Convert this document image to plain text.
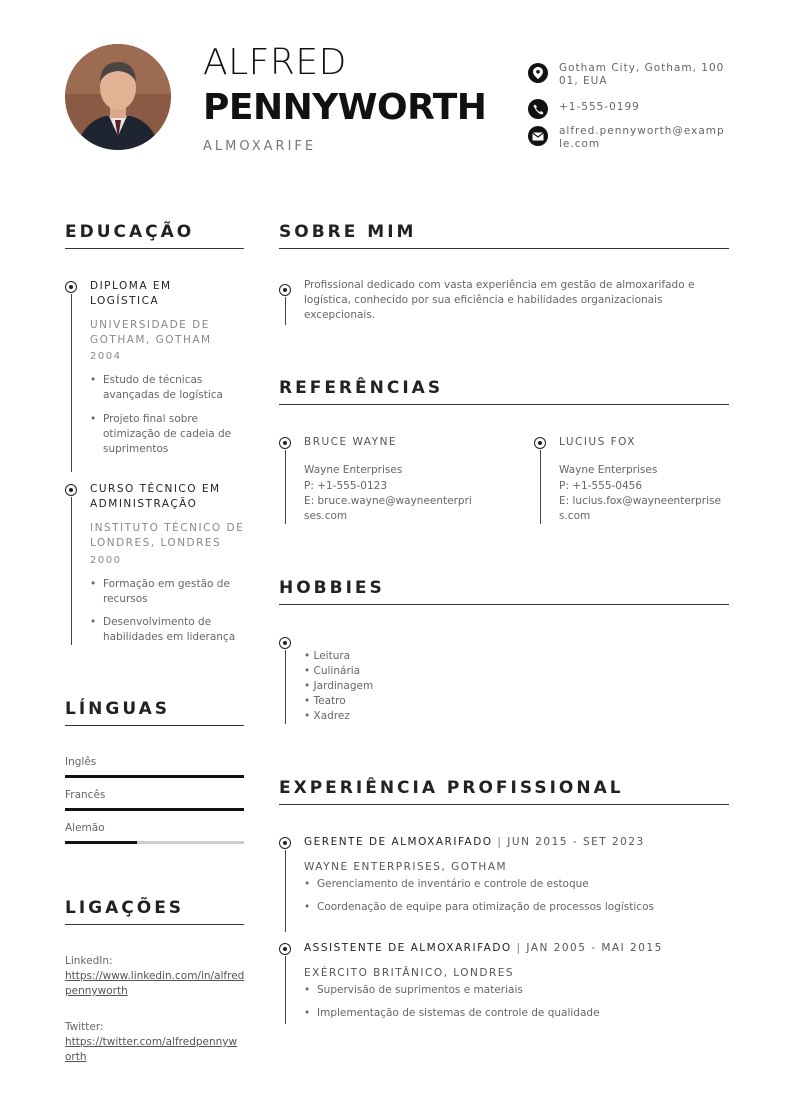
ALFRED
PENNYWORTH
ALMOXARIFE
Gotham City, Gotham, 10001, EUA
+1-555-0199
alfred.pennyworth@example.com
EDUCAÇÃO
DIPLOMA EM LOGÍSTICA
UNIVERSIDADE DE GOTHAM, GOTHAM
2004
• Estudo de técnicas avançadas de logística
• Projeto final sobre otimização de cadeia de suprimentos
CURSO TÉCNICO EM ADMINISTRAÇÃO
INSTITUTO TÉCNICO DE LONDRES, LONDRES
2000
• Formação em gestão de recursos
• Desenvolvimento de habilidades em liderança
LÍNGUAS
Inglês
Francês
Alemão
LIGAÇÕES
LinkedIn:
https://www.linkedin.com/in/alfredpennyworth
Twitter:
https://twitter.com/alfredpennyworth
SOBRE MIM
Profissional dedicado com vasta experiência em gestão de almoxarifado e logística, conhecido por sua eficiência e habilidades organizacionais excepcionais.
REFERÊNCIAS
BRUCE WAYNE
Wayne Enterprises
P: +1-555-0123
E: bruce.wayne@wayneenterprises.com
LUCIUS FOX
Wayne Enterprises
P: +1-555-0456
E: lucius.fox@wayneenterprises.com
HOBBIES
• Leitura
• Culinária
• Jardinagem
• Teatro
• Xadrez
EXPERIÊNCIA PROFISSIONAL
GERENTE DE ALMOXARIFADO | JUN 2015 - SET 2023
WAYNE ENTERPRISES, GOTHAM
• Gerenciamento de inventário e controle de estoque
• Coordenação de equipe para otimização de processos logísticos
ASSISTENTE DE ALMOXARIFADO | JAN 2005 - MAI 2015
EXÉRCITO BRITÂNICO, LONDRES
• Supervisão de suprimentos e materiais
• Implementação de sistemas de controle de qualidade
